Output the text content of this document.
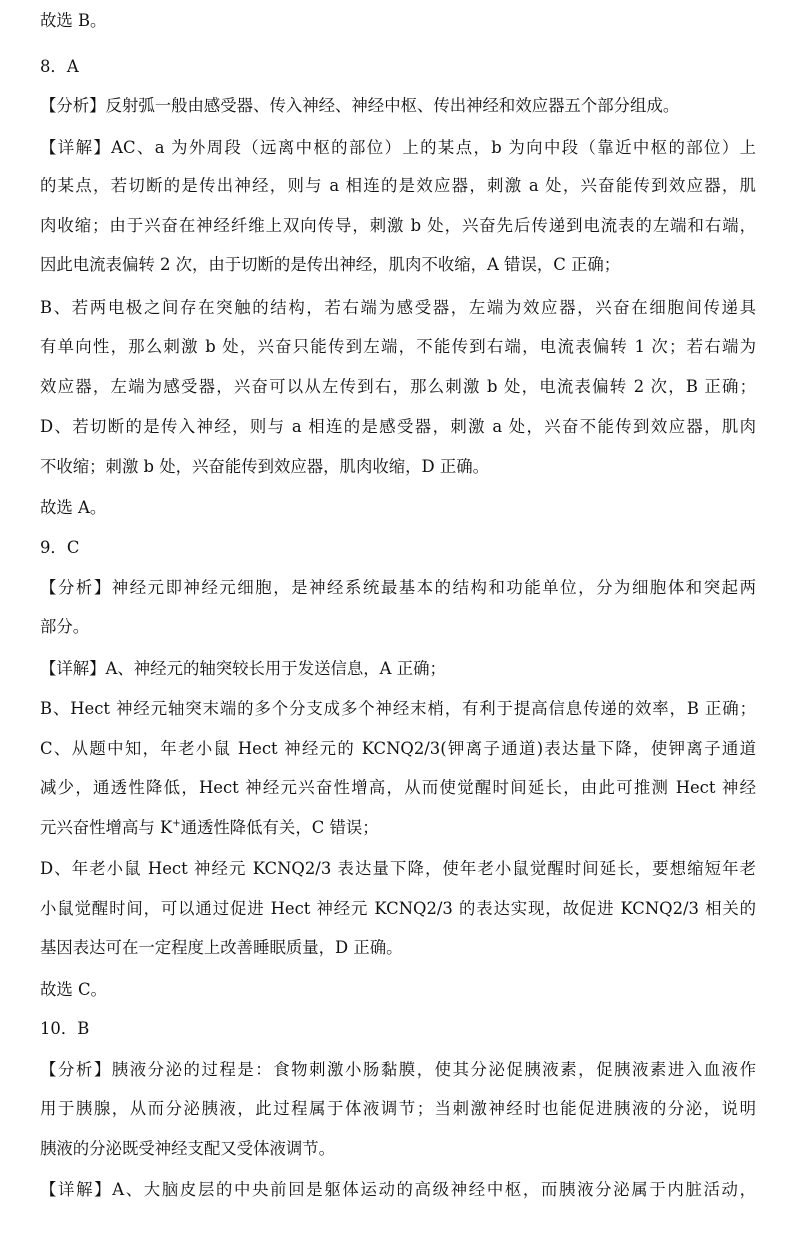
故选 B。
8．A
【分析】反射弧一般由感受器、传入神经、神经中枢、传出神经和效应器五个部分组成。
【详解】AC、a 为外周段（远离中枢的部位）上的某点，b 为向中段（靠近中枢的部位）上
的某点，若切断的是传出神经，则与 a 相连的是效应器，刺激 a 处，兴奋能传到效应器，肌
肉收缩；由于兴奋在神经纤维上双向传导，刺激 b 处，兴奋先后传递到电流表的左端和右端，
因此电流表偏转 2 次，由于切断的是传出神经，肌肉不收缩，A 错误，C 正确；
B、若两电极之间存在突触的结构，若右端为感受器，左端为效应器，兴奋在细胞间传递具
有单向性，那么刺激 b 处，兴奋只能传到左端，不能传到右端，电流表偏转 1 次；若右端为
效应器，左端为感受器，兴奋可以从左传到右，那么刺激 b 处，电流表偏转 2 次，B 正确；
D、若切断的是传入神经，则与 a 相连的是感受器，刺激 a 处，兴奋不能传到效应器，肌肉
不收缩；刺激 b 处，兴奋能传到效应器，肌肉收缩，D 正确。
故选 A。
9．C
【分析】神经元即神经元细胞，是神经系统最基本的结构和功能单位，分为细胞体和突起两
部分。
【详解】A、神经元的轴突较长用于发送信息，A 正确；
B、Hect 神经元轴突末端的多个分支成多个神经末梢，有利于提高信息传递的效率，B 正确；
C、从题中知，年老小鼠 Hect 神经元的 KCNQ2/3(钾离子通道)表达量下降，使钾离子通道
减少，通透性降低，Hect 神经元兴奋性增高，从而使觉醒时间延长，由此可推测 Hect 神经
元兴奋性增高与 K+通透性降低有关，C 错误；
D、年老小鼠 Hect 神经元 KCNQ2/3 表达量下降，使年老小鼠觉醒时间延长，要想缩短年老
小鼠觉醒时间，可以通过促进 Hect 神经元 KCNQ2/3 的表达实现，故促进 KCNQ2/3 相关的
基因表达可在一定程度上改善睡眠质量，D 正确。
故选 C。
10．B
【分析】胰液分泌的过程是：食物刺激小肠黏膜，使其分泌促胰液素，促胰液素进入血液作
用于胰腺，从而分泌胰液，此过程属于体液调节；当刺激神经时也能促进胰液的分泌，说明
胰液的分泌既受神经支配又受体液调节。
【详解】A、大脑皮层的中央前回是躯体运动的高级神经中枢，而胰液分泌属于内脏活动，
